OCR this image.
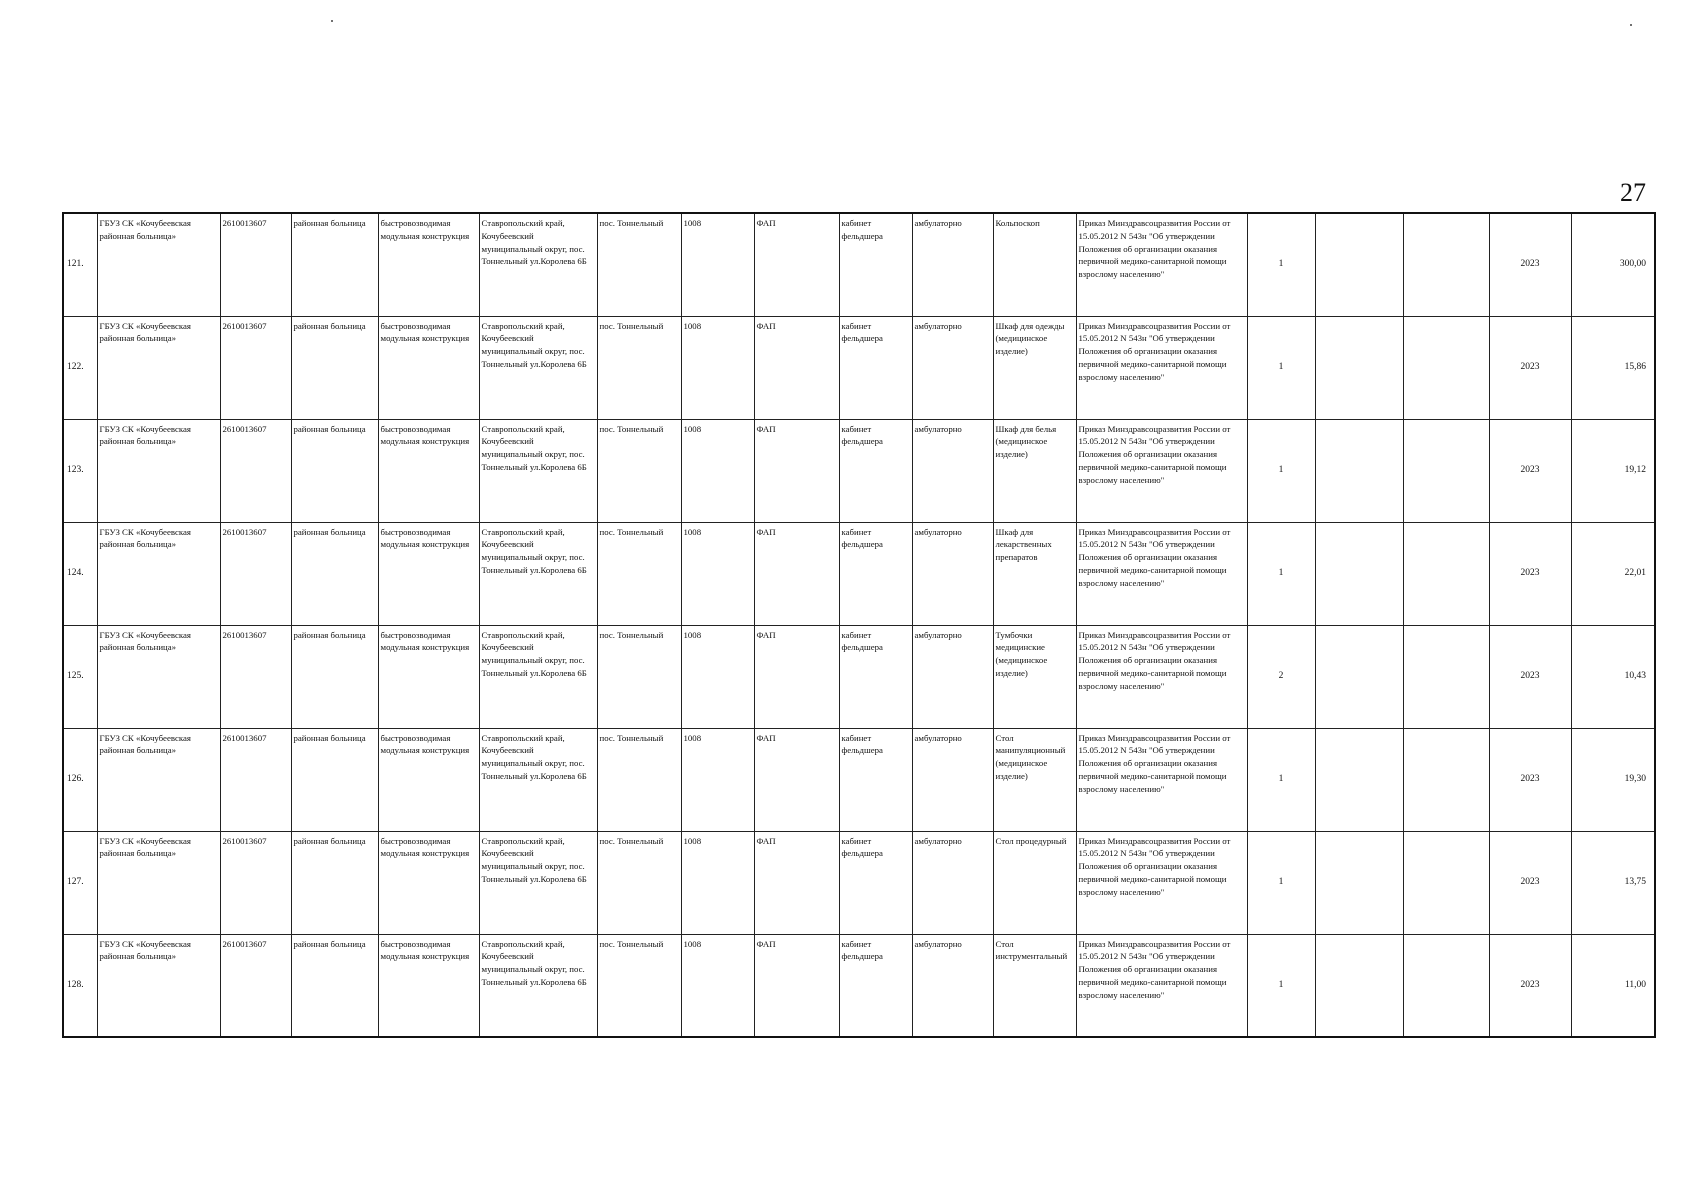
27
121.	ГБУЗ СК «Кочубеевская районная больница»	2610013607	районная больница	быстровозводимая модульная конструкция	Ставропольский край, Кочубеевский муниципальный округ, пос. Тоннельный ул.Королева 6Б	пос. Тоннельный	1008	ФАП	кабинет фельдшера	амбулаторно	Кольпоскоп	Приказ Минздравсоцразвития России от 15.05.2012 N 543н "Об утверждении Положения об организации оказания первичной медико-санитарной помощи взрослому населению"	1			2023	300,00
122.	ГБУЗ СК «Кочубеевская районная больница»	2610013607	районная больница	быстровозводимая модульная конструкция	Ставропольский край, Кочубеевский муниципальный округ, пос. Тоннельный ул.Королева 6Б	пос. Тоннельный	1008	ФАП	кабинет фельдшера	амбулаторно	Шкаф для одежды (медицинское изделие)	Приказ Минздравсоцразвития России от 15.05.2012 N 543н "Об утверждении Положения об организации оказания первичной медико-санитарной помощи взрослому населению"	1			2023	15,86
123.	ГБУЗ СК «Кочубеевская районная больница»	2610013607	районная больница	быстровозводимая модульная конструкция	Ставропольский край, Кочубеевский муниципальный округ, пос. Тоннельный ул.Королева 6Б	пос. Тоннельный	1008	ФАП	кабинет фельдшера	амбулаторно	Шкаф для белья (медицинское изделие)	Приказ Минздравсоцразвития России от 15.05.2012 N 543н "Об утверждении Положения об организации оказания первичной медико-санитарной помощи взрослому населению"	1			2023	19,12
124.	ГБУЗ СК «Кочубеевская районная больница»	2610013607	районная больница	быстровозводимая модульная конструкция	Ставропольский край, Кочубеевский муниципальный округ, пос. Тоннельный ул.Королева 6Б	пос. Тоннельный	1008	ФАП	кабинет фельдшера	амбулаторно	Шкаф для лекарственных препаратов	Приказ Минздравсоцразвития России от 15.05.2012 N 543н "Об утверждении Положения об организации оказания первичной медико-санитарной помощи взрослому населению"	1			2023	22,01
125.	ГБУЗ СК «Кочубеевская районная больница»	2610013607	районная больница	быстровозводимая модульная конструкция	Ставропольский край, Кочубеевский муниципальный округ, пос. Тоннельный ул.Королева 6Б	пос. Тоннельный	1008	ФАП	кабинет фельдшера	амбулаторно	Тумбочки медицинские (медицинское изделие)	Приказ Минздравсоцразвития России от 15.05.2012 N 543н "Об утверждении Положения об организации оказания первичной медико-санитарной помощи взрослому населению"	2			2023	10,43
126.	ГБУЗ СК «Кочубеевская районная больница»	2610013607	районная больница	быстровозводимая модульная конструкция	Ставропольский край, Кочубеевский муниципальный округ, пос. Тоннельный ул.Королева 6Б	пос. Тоннельный	1008	ФАП	кабинет фельдшера	амбулаторно	Стол манипуляционный (медицинское изделие)	Приказ Минздравсоцразвития России от 15.05.2012 N 543н "Об утверждении Положения об организации оказания первичной медико-санитарной помощи взрослому населению"	1			2023	19,30
127.	ГБУЗ СК «Кочубеевская районная больница»	2610013607	районная больница	быстровозводимая модульная конструкция	Ставропольский край, Кочубеевский муниципальный округ, пос. Тоннельный ул.Королева 6Б	пос. Тоннельный	1008	ФАП	кабинет фельдшера	амбулаторно	Стол процедурный	Приказ Минздравсоцразвития России от 15.05.2012 N 543н "Об утверждении Положения об организации оказания первичной медико-санитарной помощи взрослому населению"	1			2023	13,75
128.	ГБУЗ СК «Кочубеевская районная больница»	2610013607	районная больница	быстровозводимая модульная конструкция	Ставропольский край, Кочубеевский муниципальный округ, пос. Тоннельный ул.Королева 6Б	пос. Тоннельный	1008	ФАП	кабинет фельдшера	амбулаторно	Стол инструментальный	Приказ Минздравсоцразвития России от 15.05.2012 N 543н "Об утверждении Положения об организации оказания первичной медико-санитарной помощи взрослому населению"	1			2023	11,00
